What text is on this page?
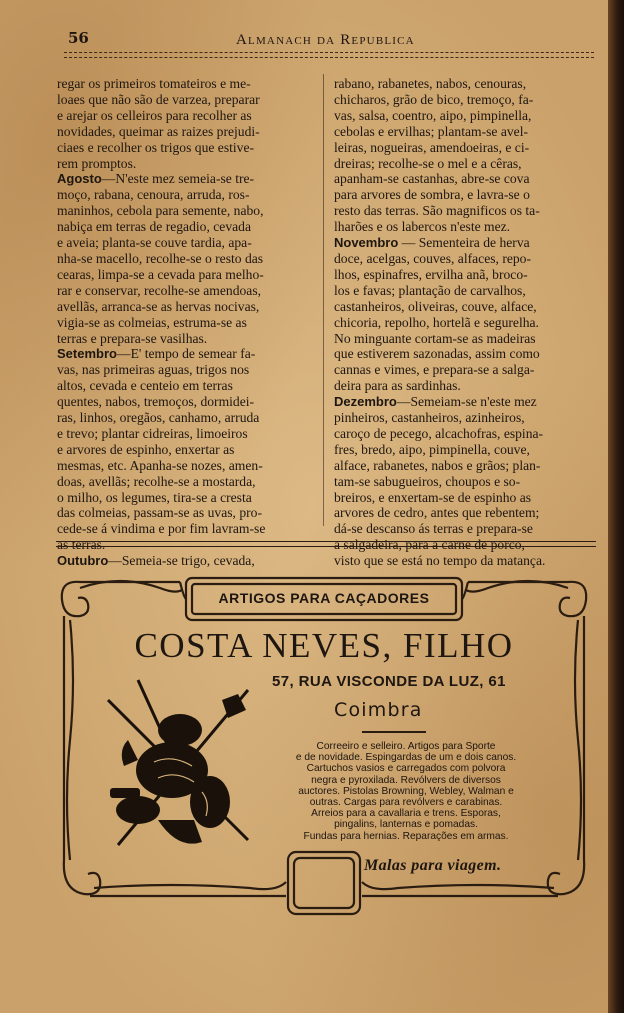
56	Almanach da Republica

regar os primeiros tomateiros e me-
loaes que não são de varzea, preparar
e arejar os celleiros para recolher as
novidades, queimar as raizes prejudi-
ciaes e recolher os trigos que estive-
rem promptos.

Agosto—N'este mez semeia-se tre-
moço, rabana, cenoura, arruda, ros-
maninhos, cebola para semente, nabo,
nabiça em terras de regadio, cevada
e aveia; planta-se couve tardia, apa-
nha-se macello, recolhe-se o resto das
cearas, limpa-se a cevada para melho-
rar e conservar, recolhe-se amendoas,
avellãs, arranca-se as hervas nocivas,
vigia-se as colmeias, estruma-se as
terras e prepara-se vasilhas.

Setembro—E' tempo de semear fa-
vas, nas primeiras aguas, trigos nos
altos, cevada e centeio em terras
quentes, nabos, tremoços, dormidei-
ras, linhos, oregãos, canhamo, arruda
e trevo; plantar cidreiras, limoeiros
e arvores de espinho, enxertar as
mesmas, etc. Apanha-se nozes, amen-
doas, avellãs; recolhe-se a mostarda,
o milho, os legumes, tira-se a cresta
das colmeias, passam-se as uvas, pro-
cede-se á vindima e por fim lavram-se
as terras.

Outubro—Semeia-se trigo, cevada,

rabano, rabanetes, nabos, cenouras,
chicharos, grão de bico, tremoço, fa-
vas, salsa, coentro, aipo, pimpinella,
cebolas e ervilhas; plantam-se avel-
leiras, nogueiras, amendoeiras, e ci-
dreiras; recolhe-se o mel e a cêras,
apanham-se castanhas, abre-se cova
para arvores de sombra, e lavra-se o
resto das terras. São magnificos os ta-
lharões e os labercos n'este mez.

Novembro — Sementeira de herva
doce, acelgas, couves, alfaces, repo-
lhos, espinafres, ervilha anã, broco-
los e favas; plantação de carvalhos,
castanheiros, oliveiras, couve, alface,
chicoria, repolho, hortelã e segurelha.
No minguante cortam-se as madeiras
que estiverem sazonadas, assim como
cannas e vimes, e prepara-se a salga-
deira para as sardinhas.

Dezembro—Semeiam-se n'este mez
pinheiros, castanheiros, azinheiros,
caroço de pecego, alcachofras, espina-
fres, bredo, aipo, pimpinella, couve,
alface, rabanetes, nabos e grãos; plan-
tam-se sabugueiros, choupos e so-
breiros, e enxertam-se de espinho as
arvores de cedro, antes que rebentem;
dá-se descanso ás terras e prepara-se
a salgadeira, para a carne de porco,
visto que se está no tempo da matança.

ARTIGOS PARA CAÇADORES
COSTA NEVES, FILHO
57, RUA VISCONDE DA LUZ, 61
Coimbra

Correeiro e selleiro. Artigos para Sporte

e de novidade. Espingardas de um e dois canos.

Cartuchos vasios e carregados com polvora

negra e pyroxilada. Revólvers de diversos

auctores. Pistolas Browning, Webley, Walman e

outras. Cargas para revólvers e carabinas.

Arreios para a cavallaria e trens. Esporas,

pingalins, lanternas e pomadas.

Fundas para hernias. Reparações em armas.

Malas para viagem.
